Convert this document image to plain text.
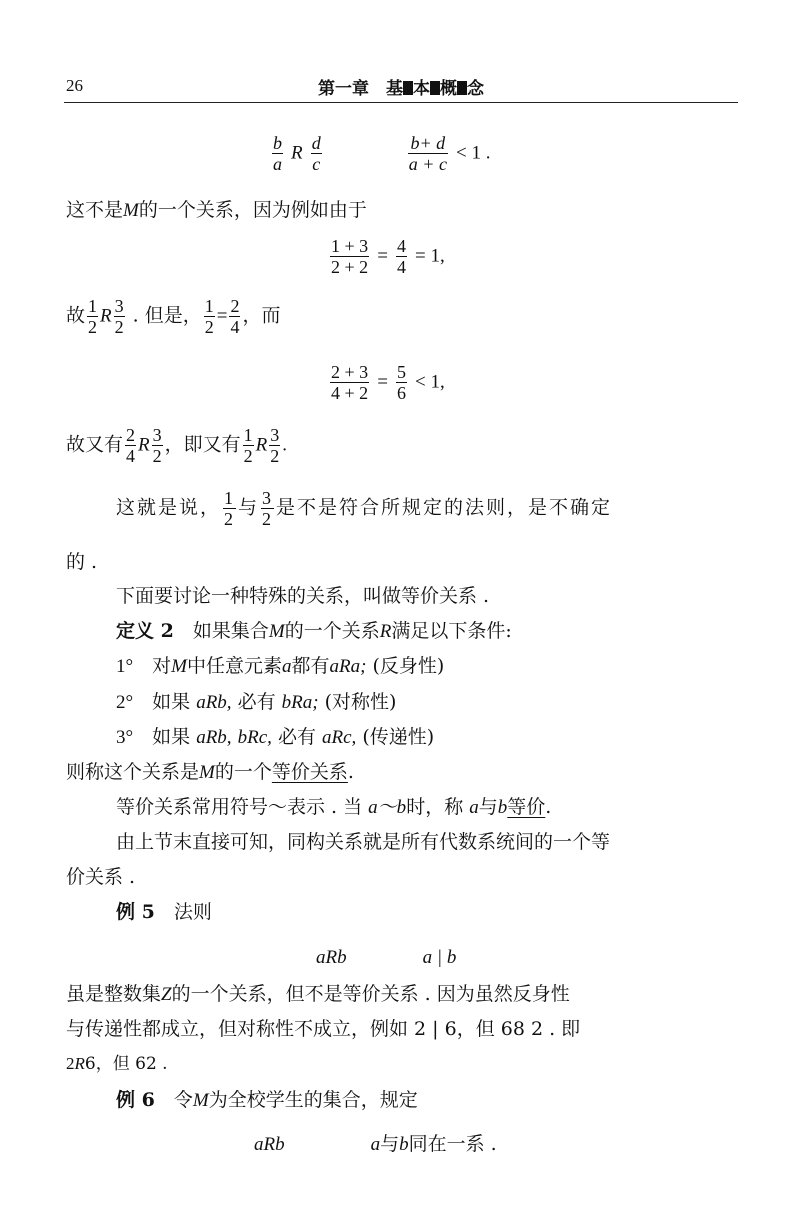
26	第一章　基 本 概 念
$\frac{b}{a}$ R $\frac{d}{c}$
	$\frac{b+ d}{a + c} < 1$ .
这不是M的一个关系，因为例如由于
$\frac{1 + 3}{2 + 2} = \frac{4}{4} = 1$,
故 $\frac{1}{2}$ R $\frac{3}{2}$ . 但是， $\frac{1}{2} = \frac{2}{4}$ ，而
$\frac{2 + 3}{4 + 2} = \frac{5}{6} < 1$,
故又有 $\frac{2}{4}$ R $\frac{3}{2}$ ，即又有 $\frac{1}{2}$ R $\frac{3}{2}$ .
这就是说， $\frac{1}{2}$ 与 $\frac{3}{2}$ 是不是符合所规定的法则，是不确定
的 .
下面要讨论一种特殊的关系，叫做等价关系 .
定义 2　 如果集合M的一个关系R满足以下条件:
1°　 对M中任意元素a都有aRa; (反身性)
2°　 如果 aRb, 必有 bRa; (对称性)
3°　 如果 aRb, bRc, 必有 aRc, (传递性)
则称这个关系是M的一个等价关系.
等价关系常用符号～表示 . 当 a～b时，称 a与b等价.
由上节末直接可知，同构关系就是所有代数系统间的一个等
价关系 .
例 5　 法则
aRb	a | b
虽是整数集Z的一个关系，但不是等价关系 . 因为虽然反身性
与传递性都成立，但对称性不成立，例如 2 | 6，但 68 2 . 即
2R6，但 62 .
例 6　 令M为全校学生的集合，规定
aRb	a与b同在一系 .
